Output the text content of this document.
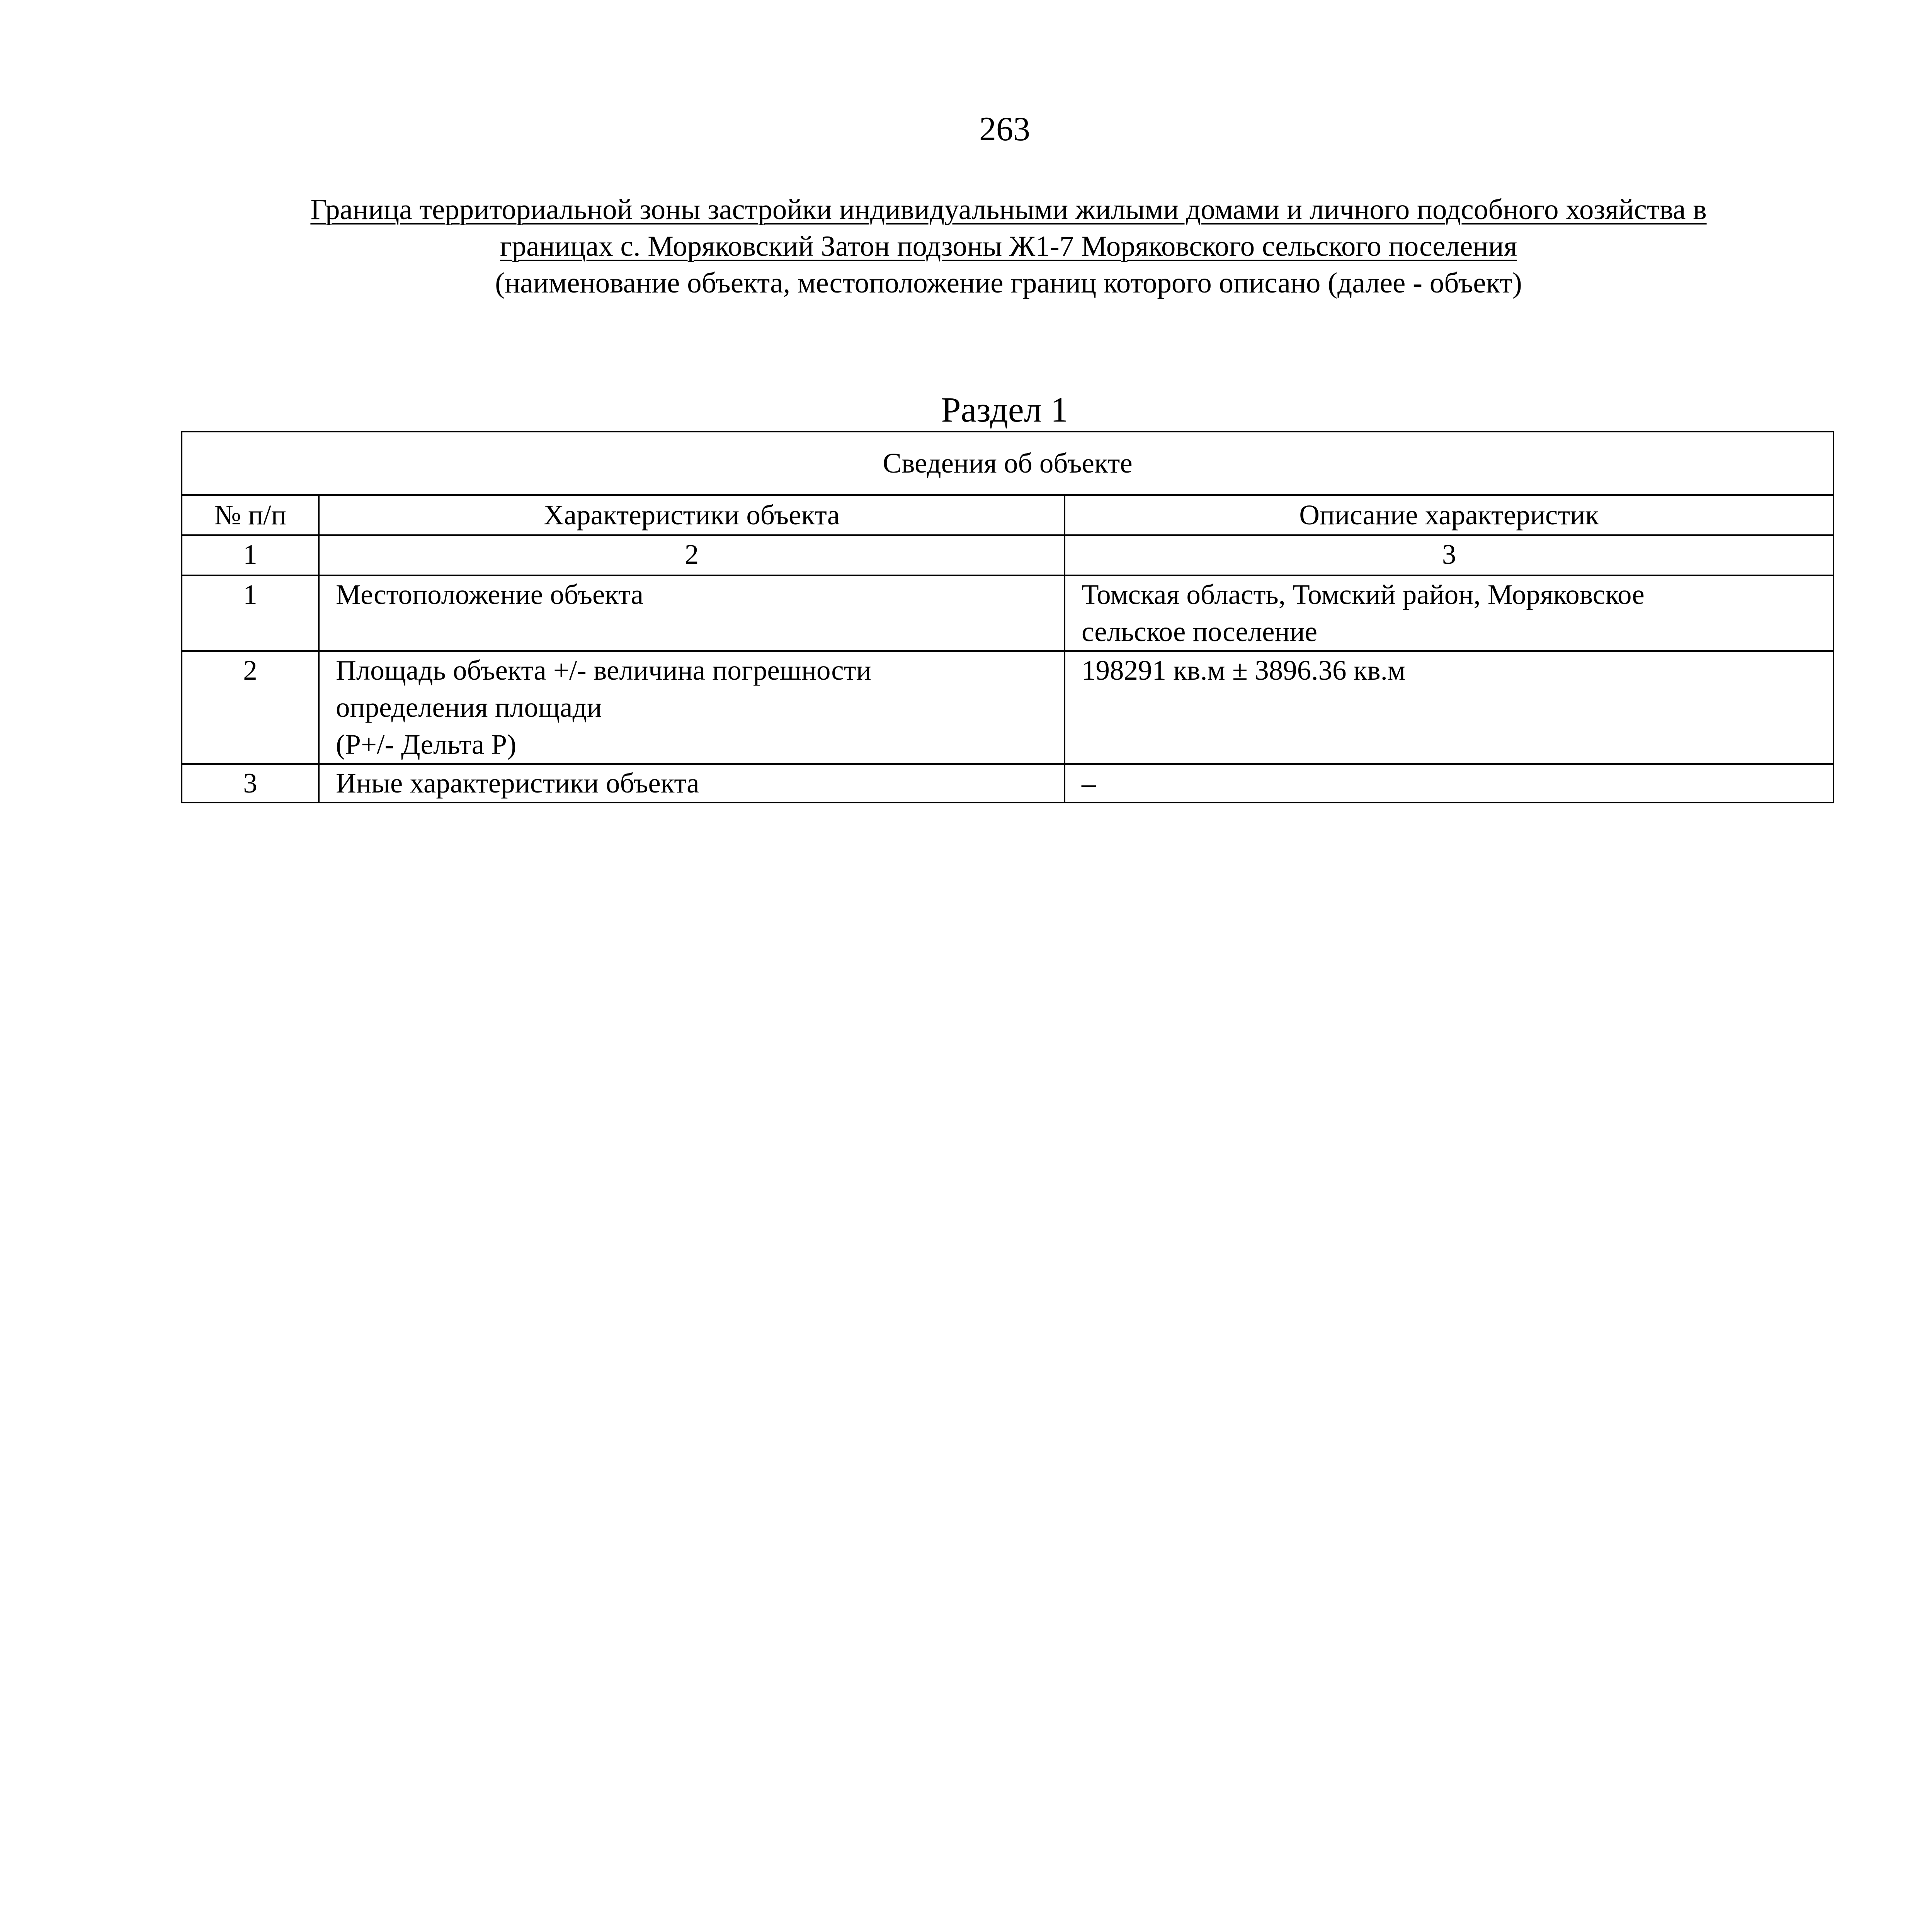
263
Граница территориальной зоны застройки индивидуальными жилыми домами и личного подсобного хозяйства в
границах с. Моряковский Затон подзоны Ж1-7 Моряковского сельского поселения
(наименование объекта, местоположение границ которого описано (далее - объект)
Раздел 1
Сведения об объекте		
№ п/п	Характеристики объекта	Описание характеристик
1	2	3
1	Местоположение объекта	Томская область, Томский район, Моряковское
сельское поселение

2	Площадь объекта +/- величина погрешности
определения площади
(Р+/- Дельта Р)	198291 кв.м ± 3896.36 кв.м

3	Иные характеристики объекта	–
